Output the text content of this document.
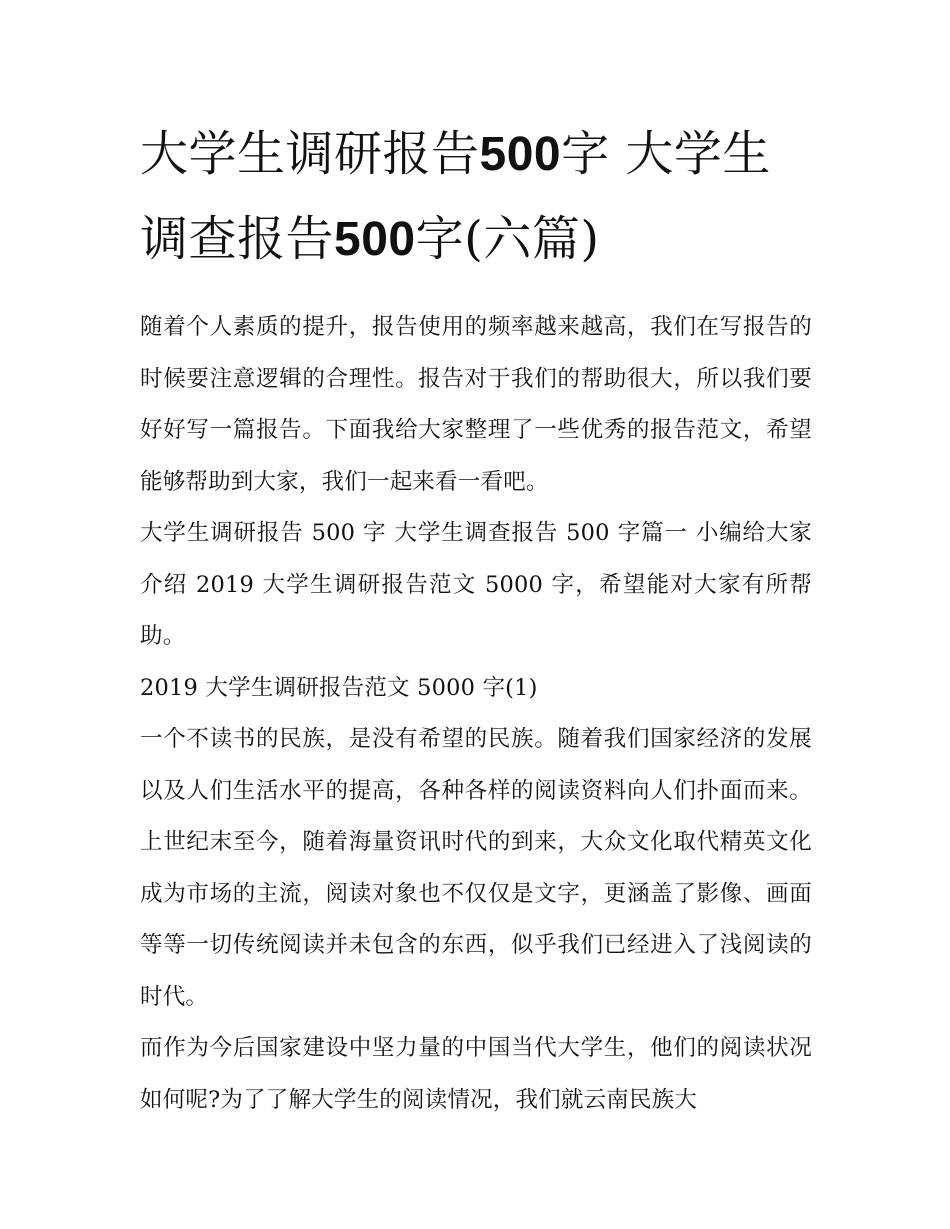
大学生调研报告500字 大学生调查报告500字(六篇)

随着个人素质的提升，报告使用的频率越来越高，我们在写报告的时候要注意逻辑的合理性。报告对于我们的帮助很大，所以我们要好好写一篇报告。下面我给大家整理了一些优秀的报告范文，希望能够帮助到大家，我们一起来看一看吧。

大学生调研报告 500 字 大学生调查报告 500 字篇一 小编给大家介绍 2019 大学生调研报告范文 5000 字，希望能对大家有所帮助。

2019 大学生调研报告范文 5000 字(1)

一个不读书的民族，是没有希望的民族。随着我们国家经济的发展以及人们生活水平的提高，各种各样的阅读资料向人们扑面而来。上世纪末至今，随着海量资讯时代的到来，大众文化取代精英文化成为市场的主流，阅读对象也不仅仅是文字，更涵盖了影像、画面等等一切传统阅读并未包含的东西，似乎我们已经进入了浅阅读的时代。

而作为今后国家建设中坚力量的中国当代大学生，他们的阅读状况如何呢?为了了解大学生的阅读情况，我们就云南民族大
